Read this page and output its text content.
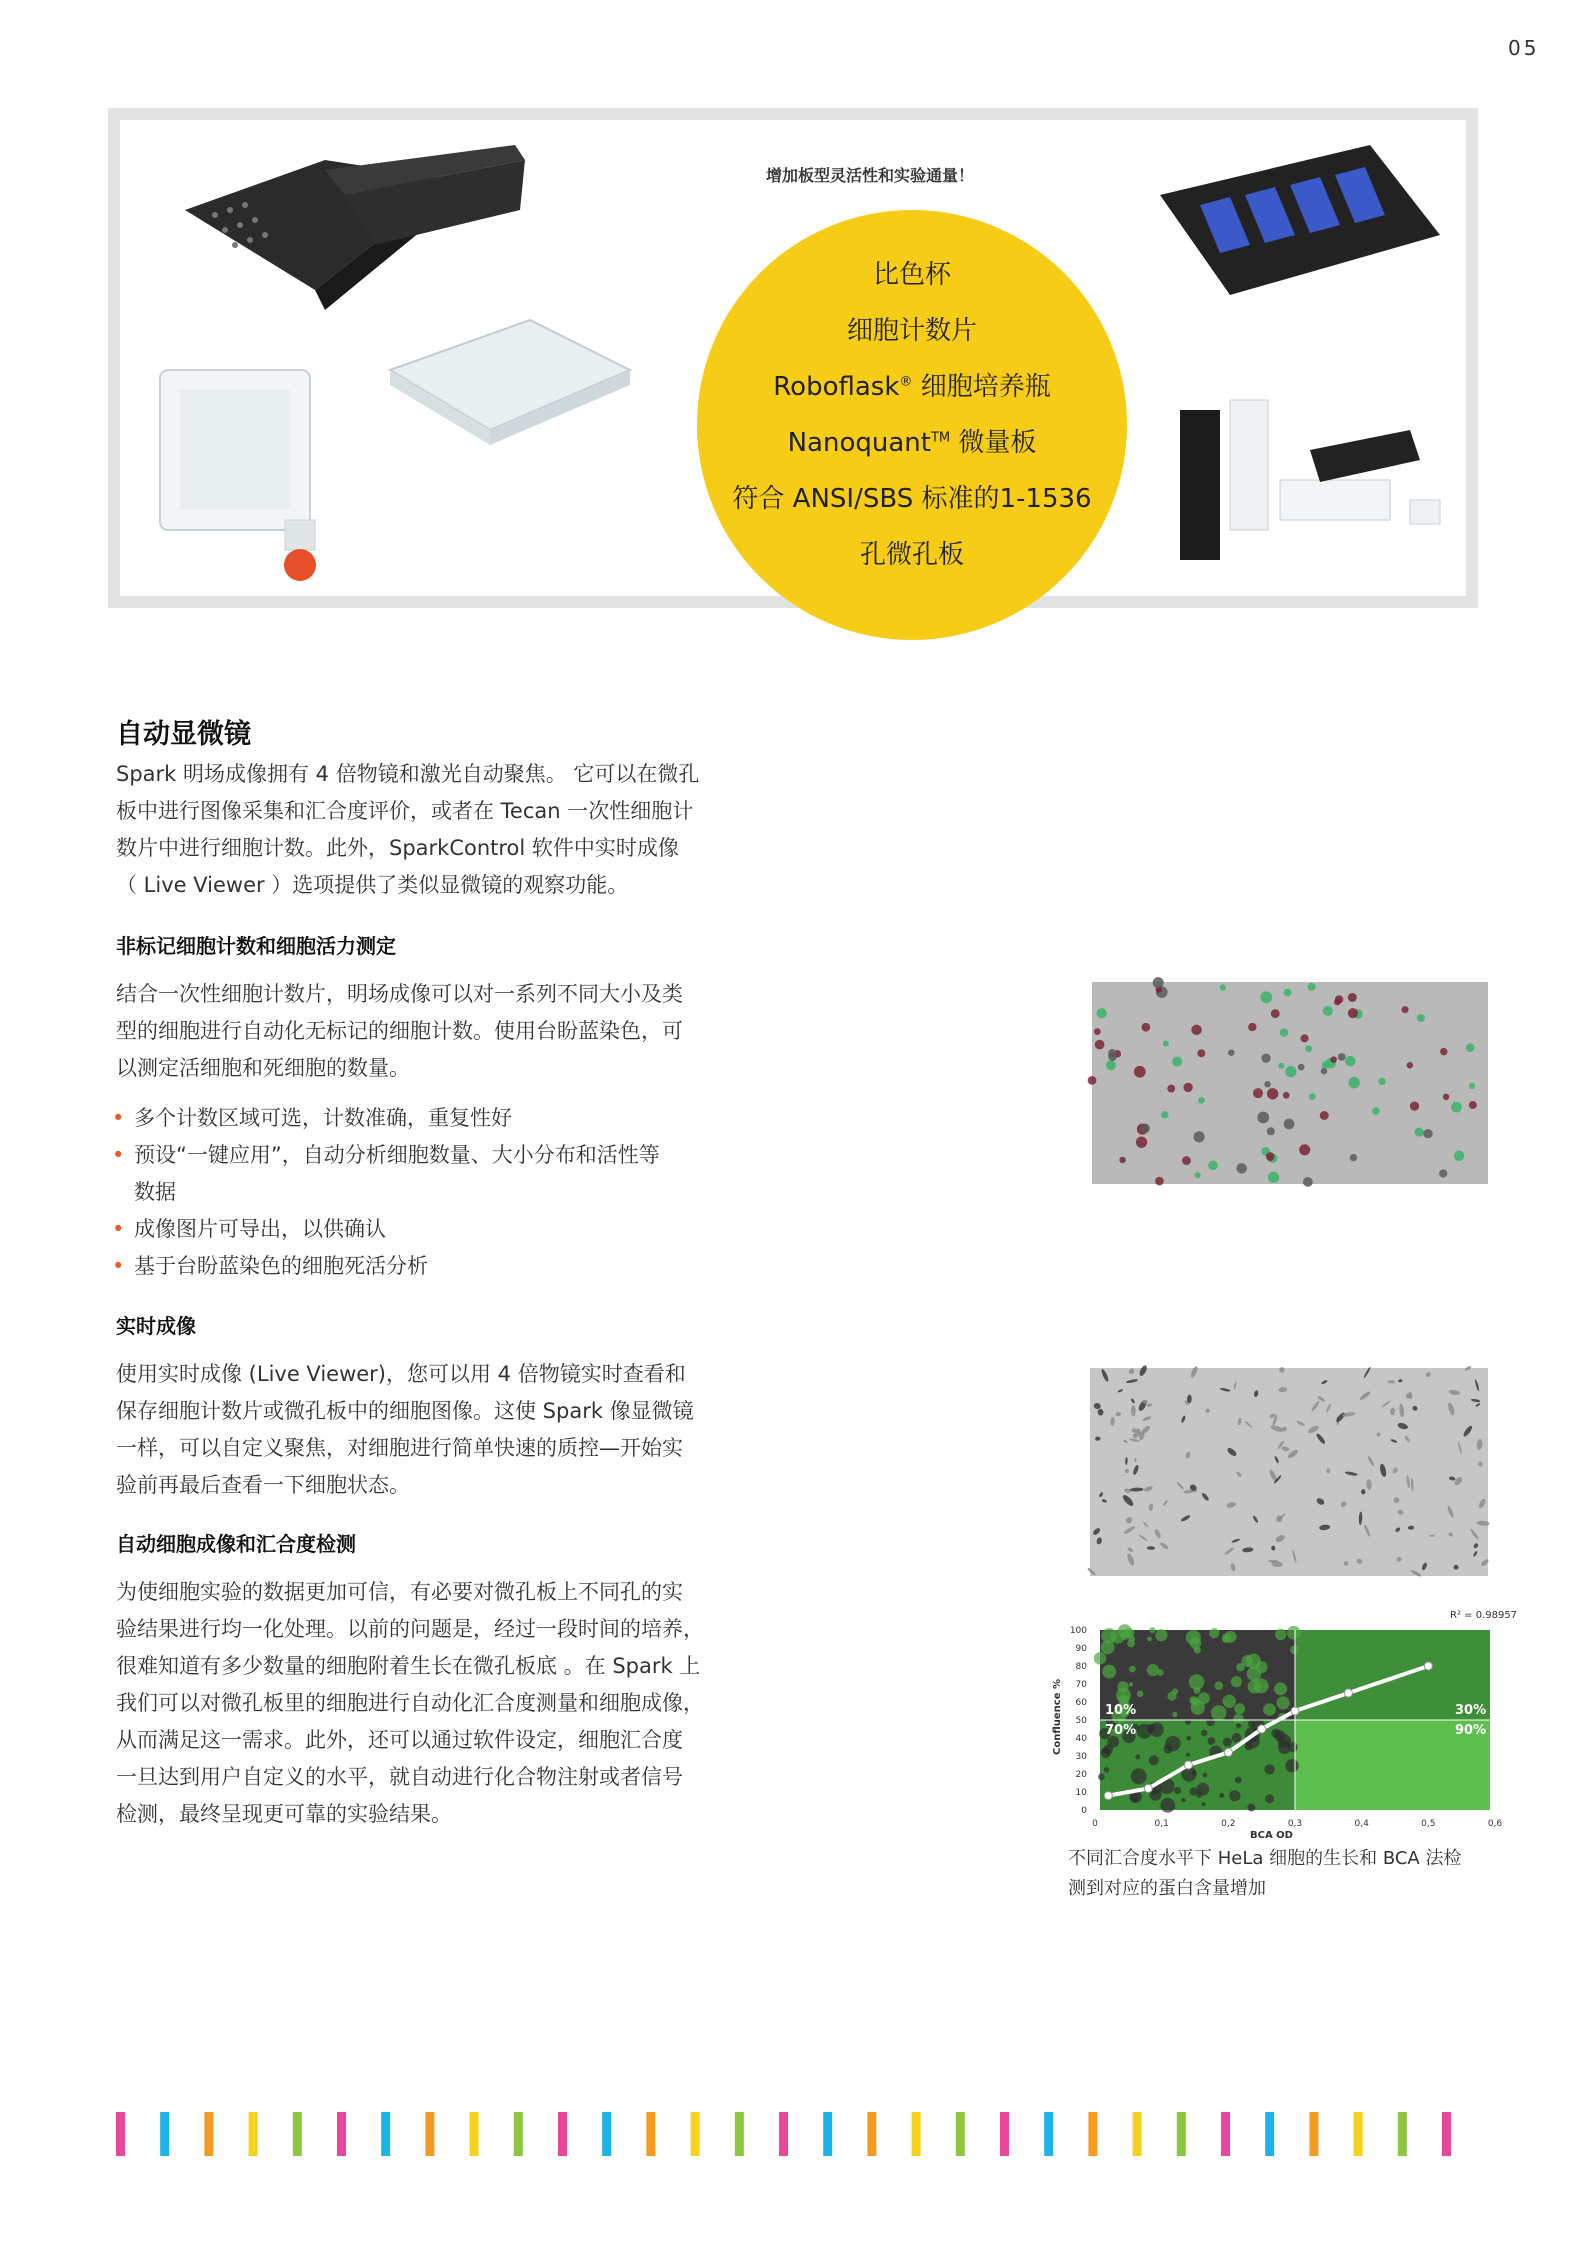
05
增加板型灵活性和实验通量！
比色杯
细胞计数片
Roboflask® 细胞培养瓶
Nanoquant™ 微量板
符合 ANSI/SBS 标准的1-1536
孔微孔板
自动显微镜
Spark 明场成像拥有 4 倍物镜和激光自动聚焦。 它可以在微孔
板中进行图像采集和汇合度评价，或者在 Tecan 一次性细胞计
数片中进行细胞计数。此外，SparkControl 软件中实时成像
（ Live Viewer ）选项提供了类似显微镜的观察功能。
非标记细胞计数和细胞活力测定
结合一次性细胞计数片，明场成像可以对一系列不同大小及类
型的细胞进行自动化无标记的细胞计数。使用台盼蓝染色，可
以测定活细胞和死细胞的数量。
• 多个计数区域可选，计数准确，重复性好
• 预设“一键应用”，自动分析细胞数量、大小分布和活性等
数据
• 成像图片可导出，以供确认
• 基于台盼蓝染色的细胞死活分析
实时成像
使用实时成像 (Live Viewer)，您可以用 4 倍物镜实时查看和
保存细胞计数片或微孔板中的细胞图像。这使 Spark 像显微镜
一样，可以自定义聚焦，对细胞进行简单快速的质控—开始实
验前再最后查看一下细胞状态。
自动细胞成像和汇合度检测
为使细胞实验的数据更加可信，有必要对微孔板上不同孔的实
验结果进行均一化处理。以前的问题是，经过一段时间的培养，
很难知道有多少数量的细胞附着生长在微孔板底 。在 Spark 上
我们可以对微孔板里的细胞进行自动化汇合度测量和细胞成像，
从而满足这一需求。此外，还可以通过软件设定，细胞汇合度
一旦达到用户自定义的水平，就自动进行化合物注射或者信号
检测，最终呈现更可靠的实验结果。
R² = 0.98957
10%	30%
70%	90%
0
10
20
30
40
50
60
70
80
90
100
0	0,1	0,2	0,3	0,4	0,5	0,6
BCA OD
Confluence %
不同汇合度水平下 HeLa 细胞的生长和 BCA 法检
测到对应的蛋白含量增加
